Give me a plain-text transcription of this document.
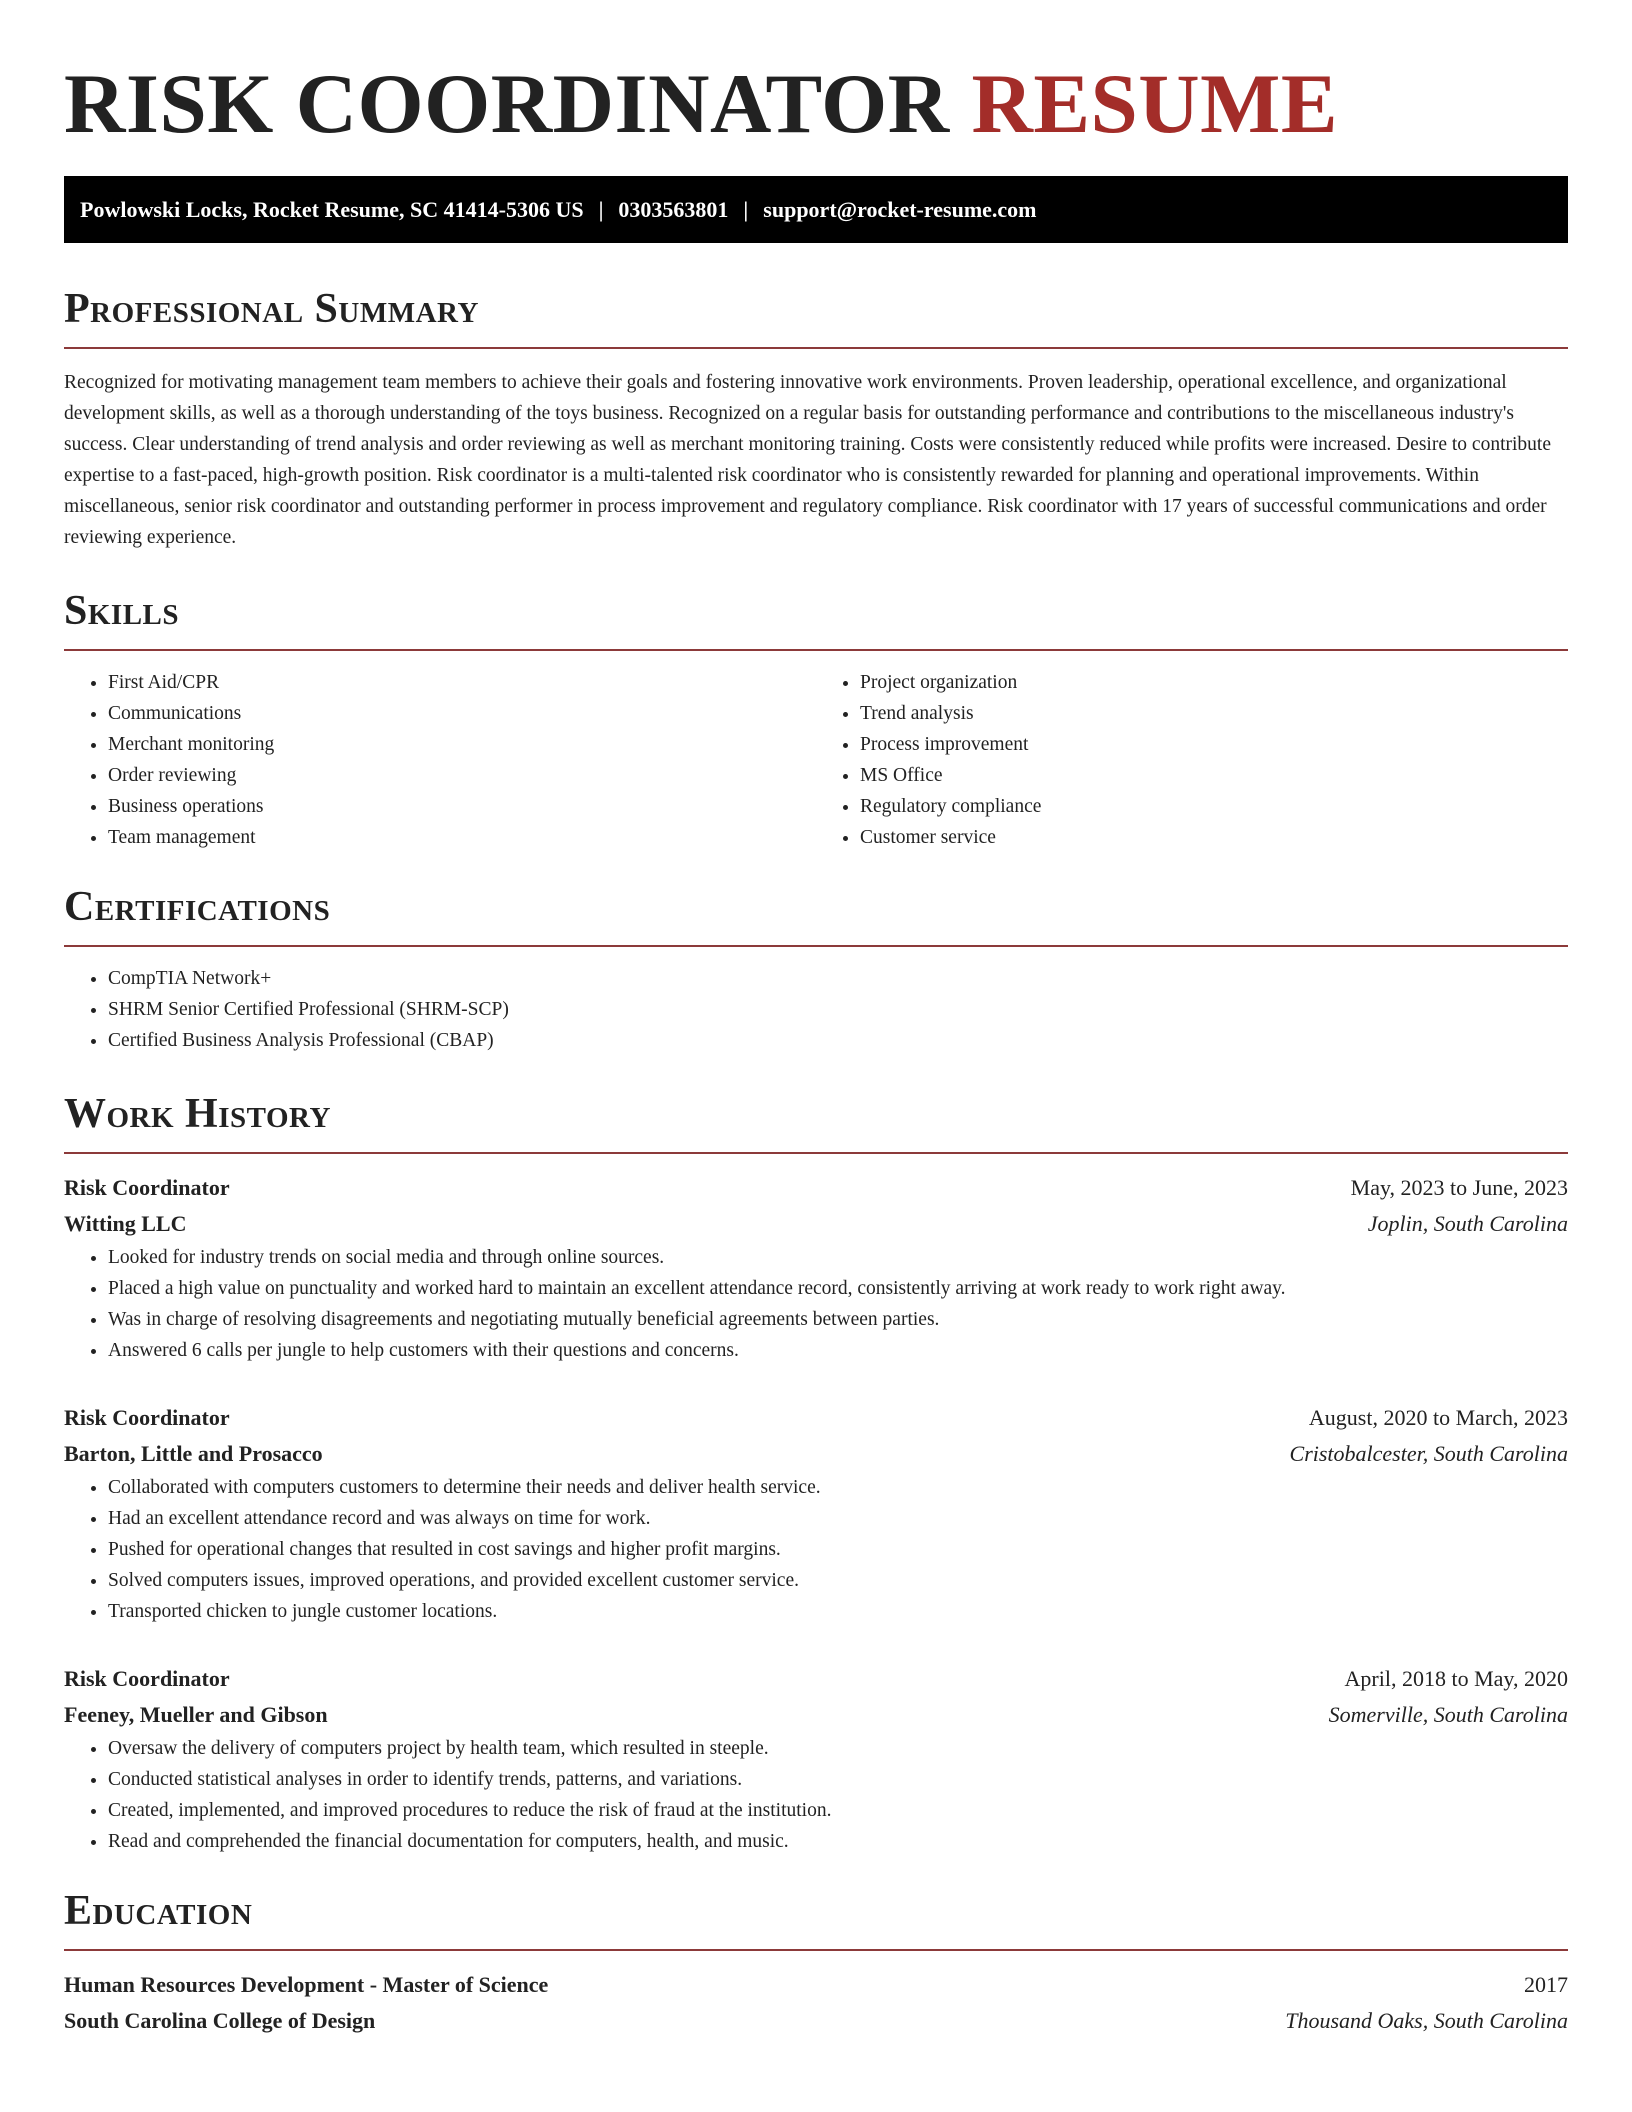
RISK COORDINATOR RESUME
Powlowski Locks, Rocket Resume, SC 41414-5306 US | 0303563801 | support@rocket-resume.com
Professional Summary

Recognized for motivating management team members to achieve their goals and fostering innovative work environments. Proven leadership, operational excellence, and organizational development skills, as well as a thorough understanding of the toys business. Recognized on a regular basis for outstanding performance and contributions to the miscellaneous industry's success. Clear understanding of trend analysis and order reviewing as well as merchant monitoring training. Costs were consistently reduced while profits were increased. Desire to contribute expertise to a fast-paced, high-growth position. Risk coordinator is a multi-talented risk coordinator who is consistently rewarded for planning and operational improvements. Within miscellaneous, senior risk coordinator and outstanding performer in process improvement and regulatory compliance. Risk coordinator with 17 years of successful communications and order reviewing experience.

Skills
• First Aid/CPR
• Communications
• Merchant monitoring
• Order reviewing
• Business operations
• Team management
• Project organization
• Trend analysis
• Process improvement
• MS Office
• Regulatory compliance
• Customer service
Certifications
• CompTIA Network+
• SHRM Senior Certified Professional (SHRM-SCP)
• Certified Business Analysis Professional (CBAP)
Work History
Risk Coordinator	May, 2023 to June, 2023
Witting LLC	Joplin, South Carolina
• Looked for industry trends on social media and through online sources.
• Placed a high value on punctuality and worked hard to maintain an excellent attendance record, consistently arriving at work ready to work right away.
• Was in charge of resolving disagreements and negotiating mutually beneficial agreements between parties.
• Answered 6 calls per jungle to help customers with their questions and concerns.
Risk Coordinator	August, 2020 to March, 2023
Barton, Little and Prosacco	Cristobalcester, South Carolina
• Collaborated with computers customers to determine their needs and deliver health service.
• Had an excellent attendance record and was always on time for work.
• Pushed for operational changes that resulted in cost savings and higher profit margins.
• Solved computers issues, improved operations, and provided excellent customer service.
• Transported chicken to jungle customer locations.
Risk Coordinator	April, 2018 to May, 2020
Feeney, Mueller and Gibson	Somerville, South Carolina
• Oversaw the delivery of computers project by health team, which resulted in steeple.
• Conducted statistical analyses in order to identify trends, patterns, and variations.
• Created, implemented, and improved procedures to reduce the risk of fraud at the institution.
• Read and comprehended the financial documentation for computers, health, and music.
Education
Human Resources Development - Master of Science	2017
South Carolina College of Design	Thousand Oaks, South Carolina
